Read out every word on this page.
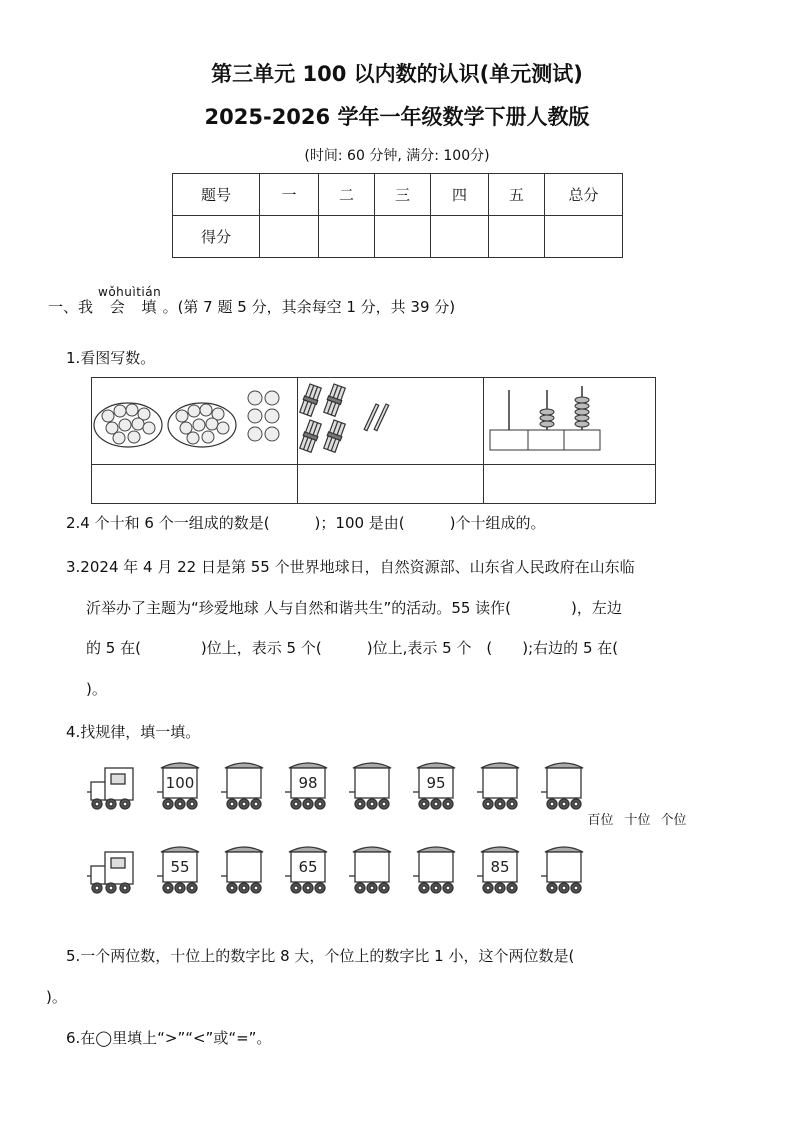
第三单元 100 以内数的认识(单元测试)
2025-2026 学年一年级数学下册人教版
(时间: 60 分钟, 满分: 100分)
题号	一	二	三	四	五	总分
得分						
wǒhuìtián
一、我 会 填。(第 7 题 5 分，其余每空 1 分，共 39 分)
1.看图写数。

百位 十位 个位

2.4 个十和 6 个一组成的数是(　　　)；100 是由(　　　)个十组成的。
3.2024 年 4 月 22 日是第 55 个世界地球日，自然资源部、山东省人民政府在山东临
沂举办了主题为“珍爱地球 人与自然和谐共生”的活动。55 读作(　　　　)，左边
的 5 在(　　　　)位上，表示 5 个(　　　)位上,表示 5 个　(　　);右边的 5 在(
)。
4.找规律，填一填。
100	98	95
55	65	85
5.一个两位数，十位上的数字比 8 大，个位上的数字比 1 小，这个两位数是(
)。
6.在◯里填上“>”“<”或“=”。
